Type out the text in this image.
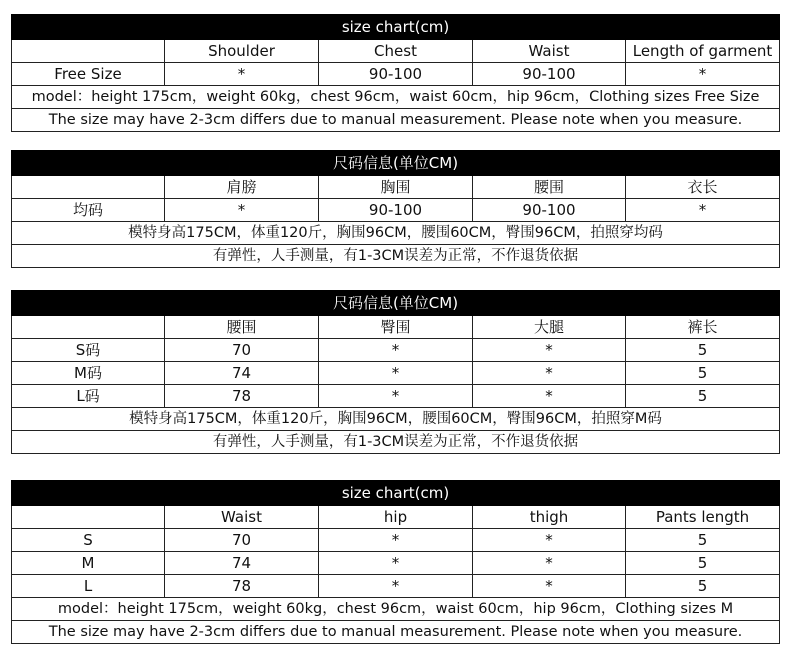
size chart(cm)				
	Shoulder	Chest	Waist	Length of garment
Free Size	*	90-100	90-100	*
model：height 175cm，weight 60kg，chest 96cm，waist 60cm，hip 96cm，Clothing sizes Free Size				
The size may have 2-3cm differs due to manual measurement. Please note when you measure.				
尺码信息(单位CM)				
	肩膀	胸围	腰围	衣长
均码	*	90-100	90-100	*
模特身高175CM，体重120斤，胸围96CM，腰围60CM，臀围96CM，拍照穿均码				
有弹性，人手测量，有1-3CM误差为正常，不作退货依据				
尺码信息(单位CM)				
	腰围	臀围	大腿	裤长
S码	70	*	*	5
M码	74	*	*	5
L码	78	*	*	5
模特身高175CM，体重120斤，胸围96CM，腰围60CM，臀围96CM，拍照穿M码				
有弹性，人手测量，有1-3CM误差为正常，不作退货依据				
size chart(cm)				
	Waist	hip	thigh	Pants length
S	70	*	*	5
M	74	*	*	5
L	78	*	*	5
model：height 175cm，weight 60kg，chest 96cm，waist 60cm，hip 96cm，Clothing sizes M				
The size may have 2-3cm differs due to manual measurement. Please note when you measure.				
